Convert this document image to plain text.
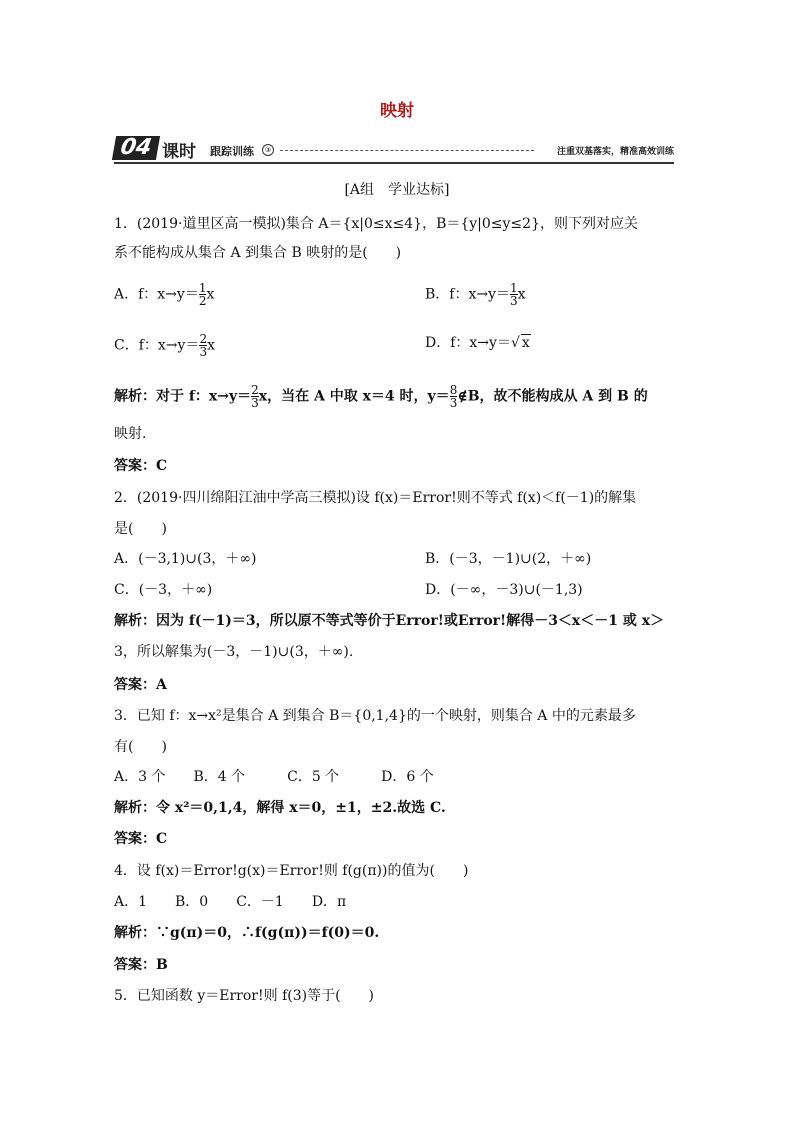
映射
04 课时 跟踪训练	③	注重双基落实，精准高效训练
[A组　学业达标]
1．(2019·道里区高一模拟)集合 A＝{x|0≤x≤4}，B＝{y|0≤y≤2}，则下列对应关
系不能构成从集合 A 到集合 B 映射的是(　　)
A．f：$x\to y= \frac{1}{2}$ x	B．f：$x\to y= \frac{1}{3}$ x
C．f：$x\to y= \frac{2}{3}$ x	D．f：x→y＝√ x
解析：对于 f：$x\to y= \frac{2}{3}$ x，当在 A 中取 x＝4 时，$y= \frac{8}{3}$ ∉B，故不能构成从 A 到 B 的
映射.
答案：C
2．(2019·四川绵阳江油中学高三模拟)设 f(x)＝Error!则不等式 f(x)＜f(－1)的解集
是(　　)
A．(－3,1)∪(3，＋∞)	B．(－3，－1)∪(2，＋∞)
C．(－3，＋∞)	D．(－∞，－3)∪(－1,3)
解析：因为 f(－1)＝3，所以原不等式等价于Error!或Error!解得－3＜x＜－1 或 x＞
3，所以解集为(－3，－1)∪(3，＋∞).
答案：A
3．已知 f：x→x²是集合 A 到集合 B＝{0,1,4}的一个映射，则集合 A 中的元素最多
有(　　)
A．3 个　　B．4 个　　　C．5 个　　　D．6 个
解析：令 x²＝0,1,4，解得 x＝0，±1，±2.故选 C.
答案：C
4．设 f(x)＝Error!g(x)＝Error!则 f(g(π))的值为(　　)
A．1　　B．0　　C．－1　　D．π
解析：∵g(π)＝0，∴f(g(π))＝f(0)＝0.
答案：B
5．已知函数 y＝Error!则 f(3)等于(　　)
